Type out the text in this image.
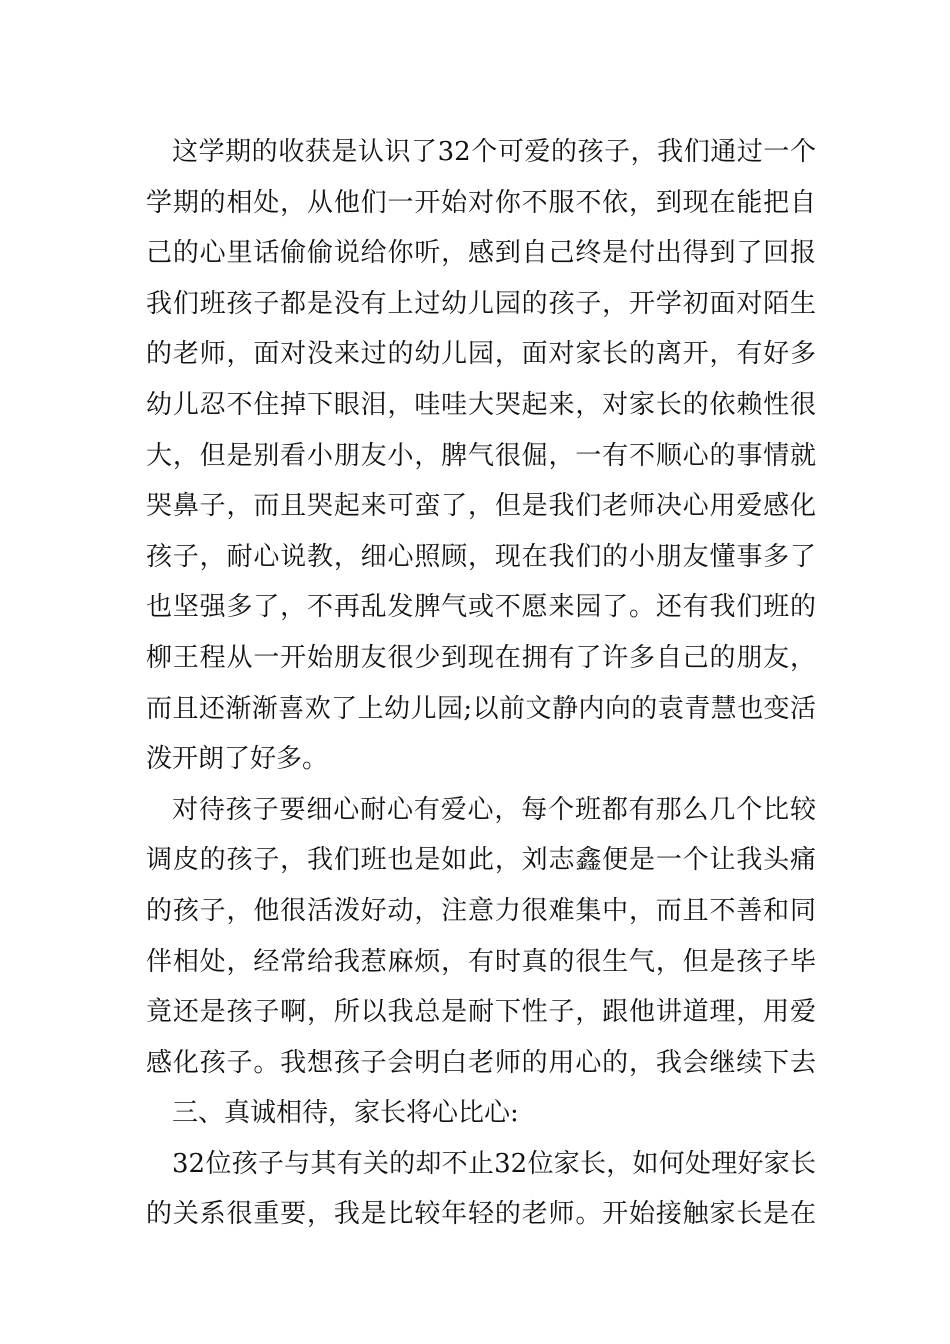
这学期的收获是认识了32个可爱的孩子，我们通过一个
学期的相处，从他们一开始对你不服不依，到现在能把自
己的心里话偷偷说给你听，感到自己终是付出得到了回报
我们班孩子都是没有上过幼儿园的孩子，开学初面对陌生
的老师，面对没来过的幼儿园，面对家长的离开，有好多
幼儿忍不住掉下眼泪，哇哇大哭起来，对家长的依赖性很
大，但是别看小朋友小，脾气很倔，一有不顺心的事情就
哭鼻子，而且哭起来可蛮了，但是我们老师决心用爱感化
孩子，耐心说教，细心照顾，现在我们的小朋友懂事多了
也坚强多了，不再乱发脾气或不愿来园了。还有我们班的
柳王程从一开始朋友很少到现在拥有了许多自己的朋友，
而且还渐渐喜欢了上幼儿园;以前文静内向的袁青慧也变活
泼开朗了好多。
对待孩子要细心耐心有爱心，每个班都有那么几个比较
调皮的孩子，我们班也是如此，刘志鑫便是一个让我头痛
的孩子，他很活泼好动，注意力很难集中，而且不善和同
伴相处，经常给我惹麻烦，有时真的很生气，但是孩子毕
竟还是孩子啊，所以我总是耐下性子，跟他讲道理，用爱
感化孩子。我想孩子会明白老师的用心的，我会继续下去
三、真诚相待，家长将心比心:
32位孩子与其有关的却不止32位家长，如何处理好家长
的关系很重要，我是比较年轻的老师。开始接触家长是在
